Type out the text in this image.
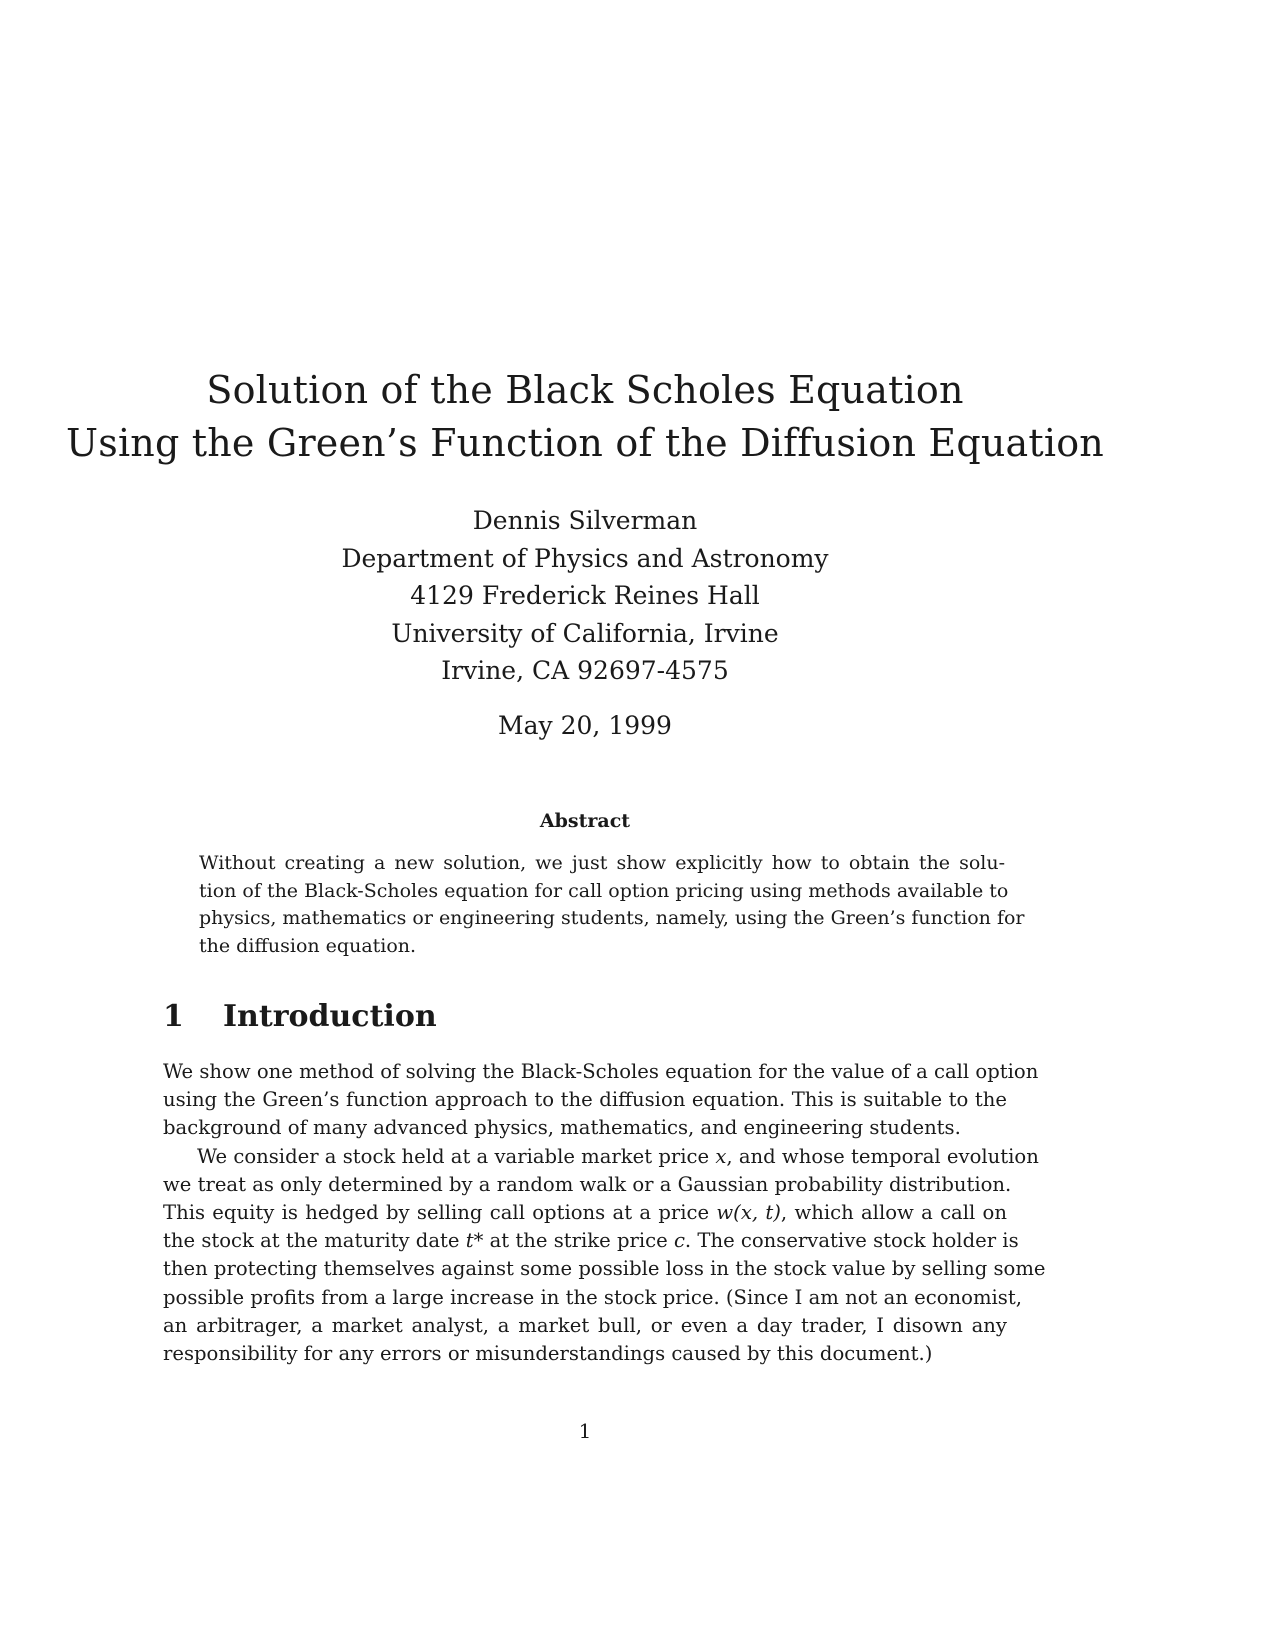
Solution of the Black Scholes Equation
Using the Green’s Function of the Diffusion Equation
Dennis Silverman
Department of Physics and Astronomy
4129 Frederick Reines Hall
University of California, Irvine
Irvine, CA 92697-4575
May 20, 1999
Abstract
Without creating a new solution, we just show explicitly how to obtain the solu-
tion of the Black-Scholes equation for call option pricing using methods available to
physics, mathematics or engineering students, namely, using the Green’s function for
the diffusion equation.
1 Introduction
We show one method of solving the Black-Scholes equation for the value of a call option
using the Green’s function approach to the diffusion equation. This is suitable to the
background of many advanced physics, mathematics, and engineering students.
We consider a stock held at a variable market price x, and whose temporal evolution
we treat as only determined by a random walk or a Gaussian probability distribution.
This equity is hedged by selling call options at a price w(x, t), which allow a call on
the stock at the maturity date t* at the strike price c. The conservative stock holder is
then protecting themselves against some possible loss in the stock value by selling some
possible profits from a large increase in the stock price. (Since I am not an economist,
an arbitrager, a market analyst, a market bull, or even a day trader, I disown any
responsibility for any errors or misunderstandings caused by this document.)
1
